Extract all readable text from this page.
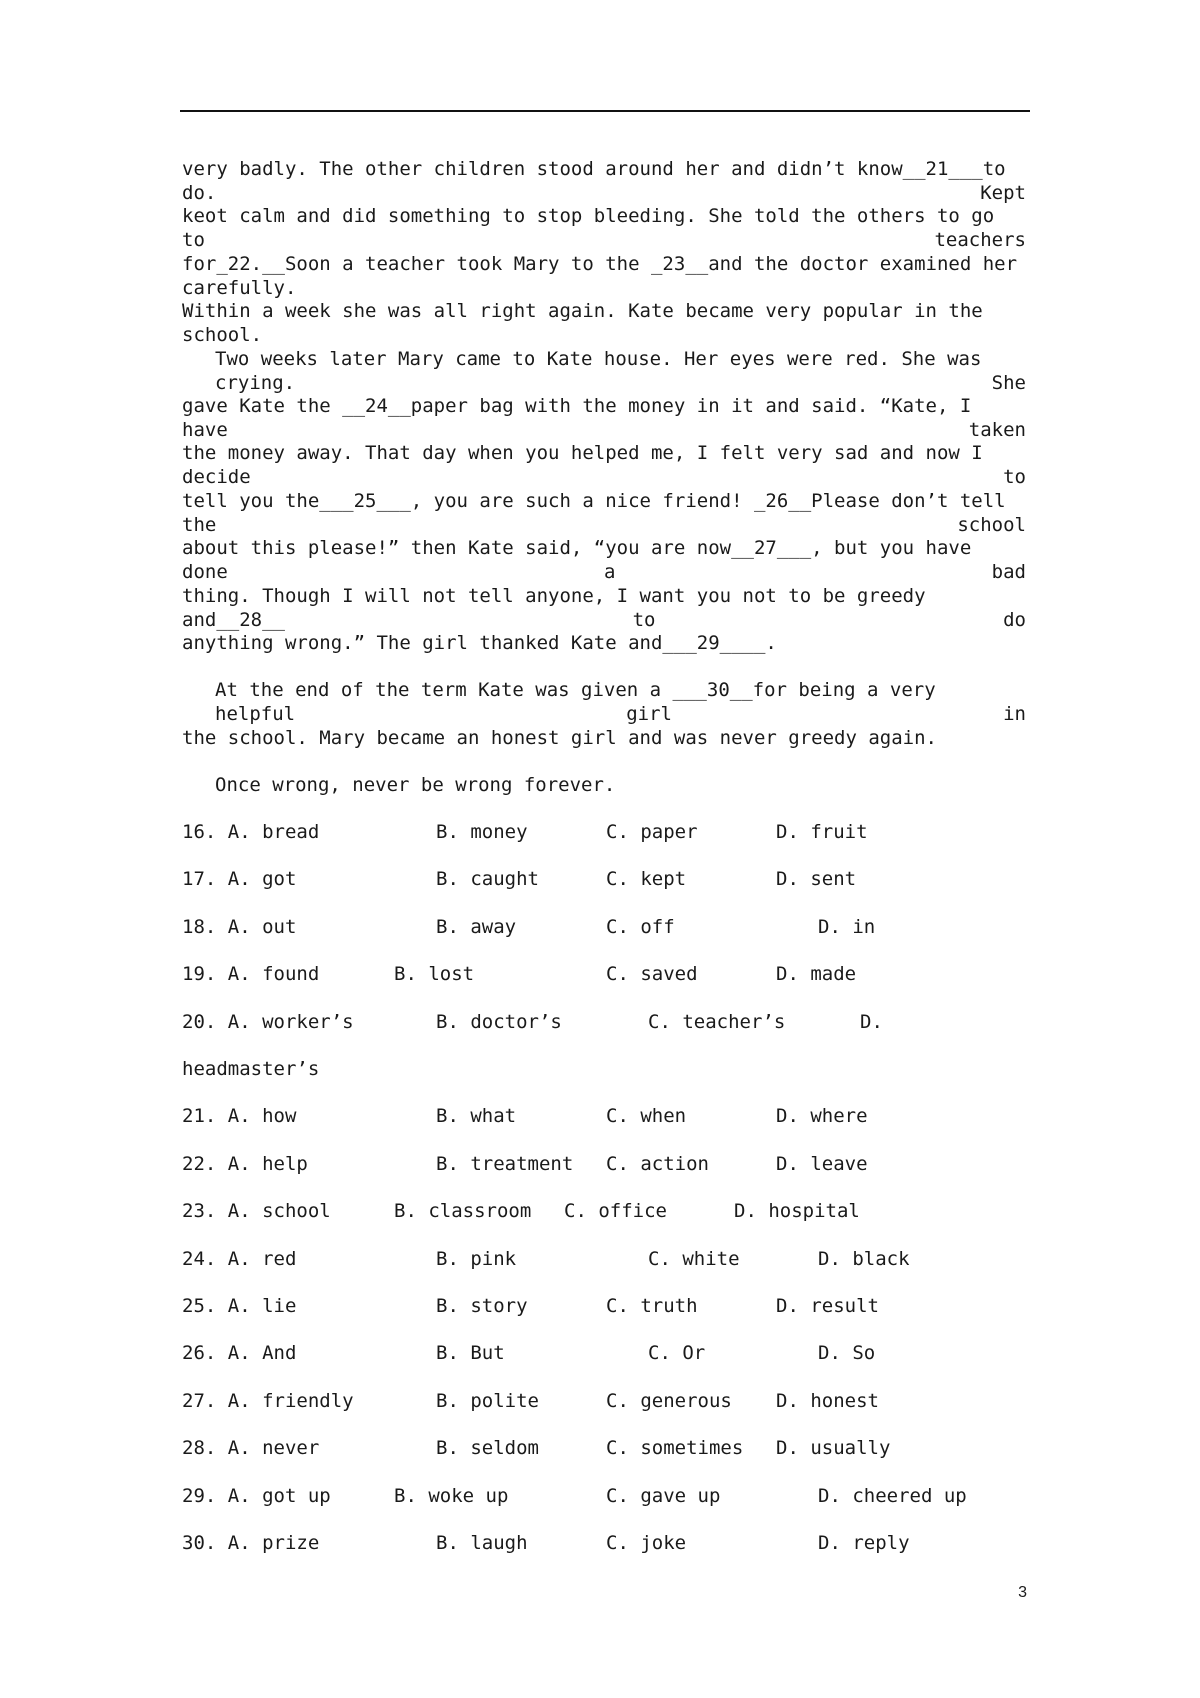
very badly. The other children stood around her and didn’t know__21___to do. Kept
keot calm and did something to stop bleeding. She told the others to go to teachers
for_22.__Soon a teacher took Mary to the _23__and the doctor examined her carefully.
Within a week she was all right again. Kate became very popular in the school.
Two weeks later Mary came to Kate house. Her eyes were red. She was crying. She
gave Kate the __24__paper bag with the money in it and said. “Kate, I have taken
the money away. That day when you helped me, I felt very sad and now I decide to
tell you the___25___, you are such a nice friend! _26__Please don’t tell the school
about this please!” then Kate said, “you are now__27___, but you have done a bad
thing. Though I will not tell anyone, I want you not to be greedy and__28__ to do
anything wrong.” The girl thanked Kate and___29____.
At the end of the term Kate was given a ___30__for being a very helpful girl in
the school. Mary became an honest girl and was never greedy again.
Once wrong, never be wrong forever.
16. A. bread	B. money	C. paper	D. fruit
17. A. got	B. caught	C. kept	D. sent
18. A. out	B. away	C. off	D. in
19. A. found	B. lost	C. saved	D. made
20. A. worker’s	B. doctor’s	C. teacher’s	D.
headmaster’s
21. A. how	B. what	C. when	D. where
22. A. help	B. treatment C. action	D. leave
23. A. school	B. classroom C. office	D. hospital
24. A. red	B. pink	C. white	D. black
25. A. lie	B. story	C. truth	D. result
26. A. And	B. But	C. Or	D. So
27. A. friendly	B. polite	C. generous D. honest
28. A. never	B. seldom	C. sometimes D. usually
29. A. got up	B. woke up	C. gave up	D. cheered up
30. A. prize	B. laugh	C. joke	D. reply
3
